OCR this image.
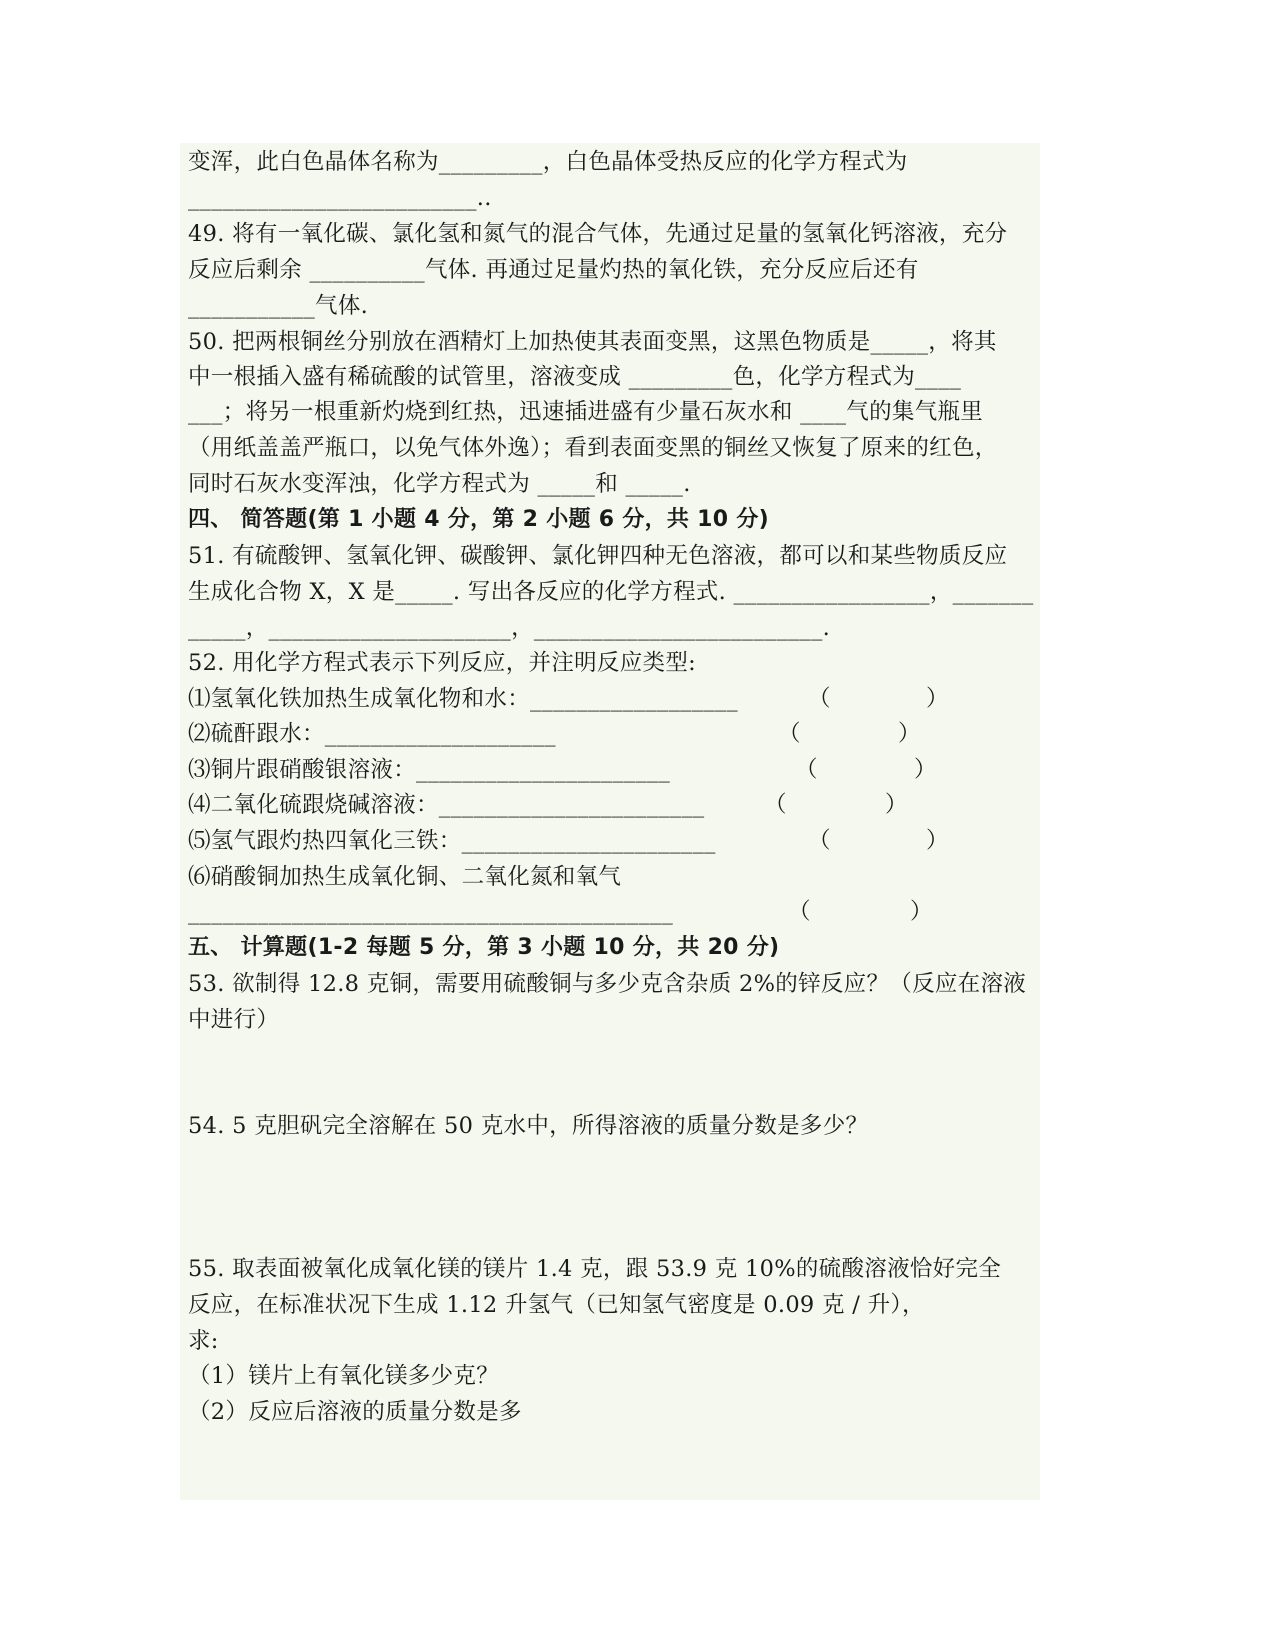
变浑，此白色晶体名称为_________，白色晶体受热反应的化学方程式为
_________________________..
49. 将有一氧化碳、氯化氢和氮气的混合气体，先通过足量的氢氧化钙溶液，充分
反应后剩余 __________气体. 再通过足量灼热的氧化铁，充分反应后还有
___________气体.
50. 把两根铜丝分别放在酒精灯上加热使其表面变黑，这黑色物质是_____，将其
中一根插入盛有稀硫酸的试管里，溶液变成 _________色，化学方程式为____
___；将另一根重新灼烧到红热，迅速插进盛有少量石灰水和 ____气的集气瓶里
（用纸盖盖严瓶口，以免气体外逸）；看到表面变黑的铜丝又恢复了原来的红色，
同时石灰水变浑浊，化学方程式为 _____和 _____.
四、 简答题(第 1 小题 4 分，第 2 小题 6 分，共 10 分)
51. 有硫酸钾、氢氧化钾、碳酸钾、氯化钾四种无色溶液，都可以和某些物质反应
生成化合物 X，X 是_____. 写出各反应的化学方程式. _________________，_______
_____，_____________________，_________________________.
52. 用化学方程式表示下列反应，并注明反应类型:
⑴氢氧化铁加热生成氧化物和水：__________________	（	）
⑵硫酐跟水：____________________	（	）
⑶铜片跟硝酸银溶液：______________________	（	）
⑷二氧化硫跟烧碱溶液：_______________________	（	）
⑸氢气跟灼热四氧化三铁：______________________	（	）
⑹硝酸铜加热生成氧化铜、二氧化氮和氧气
__________________________________________	（	）
五、 计算题(1-2 每题 5 分，第 3 小题 10 分，共 20 分)
53. 欲制得 12.8 克铜，需要用硫酸铜与多少克含杂质 2%的锌反应？（反应在溶液
中进行）
54. 5 克胆矾完全溶解在 50 克水中，所得溶液的质量分数是多少？
55. 取表面被氧化成氧化镁的镁片 1.4 克，跟 53.9 克 10%的硫酸溶液恰好完全
反应，在标准状况下生成 1.12 升氢气（已知氢气密度是 0.09 克 / 升），
求:
（1）镁片上有氧化镁多少克？
（2）反应后溶液的质量分数是多
